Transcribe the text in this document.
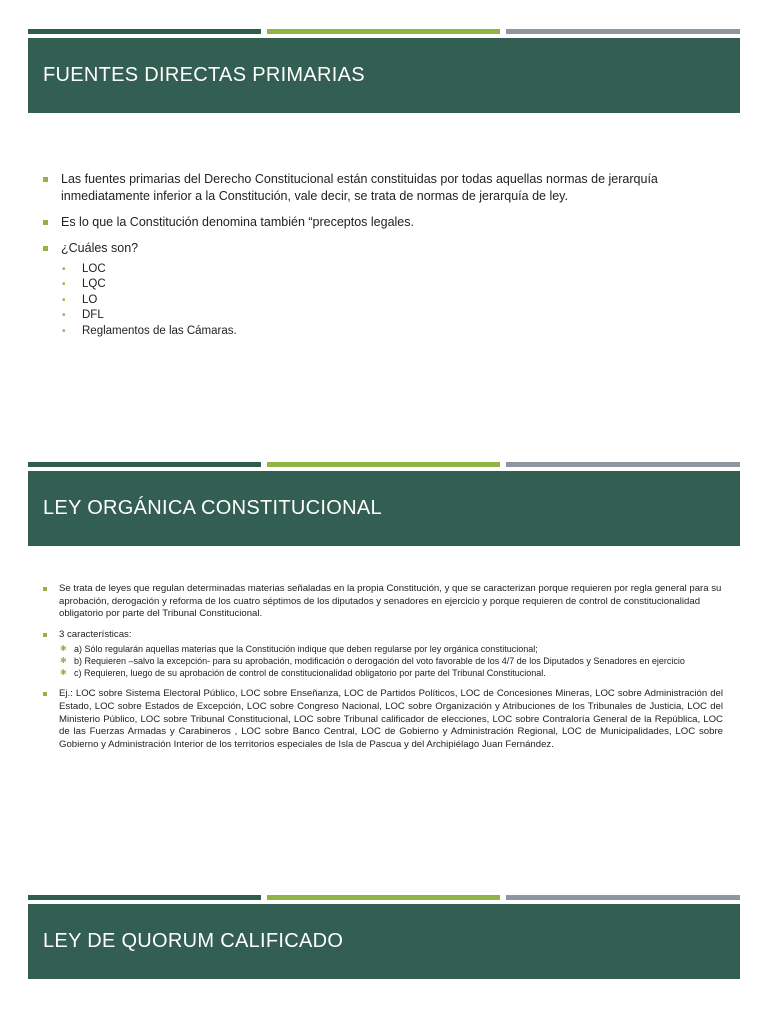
FUENTES DIRECTAS PRIMARIAS
Las fuentes primarias del Derecho Constitucional están constituidas por todas aquellas normas de jerarquía inmediatamente inferior a la Constitución, vale decir, se trata de normas de jerarquía de ley.
Es lo que la Constitución denomina también “preceptos legales.
¿Cuáles son?
•	LOC
•	LQC
•	LO
•	DFL
•	Reglamentos de las Cámaras.
LEY ORGÁNICA CONSTITUCIONAL
Se trata de leyes que regulan determinadas materias señaladas en la propia Constitución, y que se caracterizan porque requieren por regla general para su aprobación, derogación y reforma de los cuatro séptimos de los diputados y senadores en ejercicio y porque requieren de control de constitucionalidad obligatorio por parte del Tribunal Constitucional.
3 características:
✱ a) Sólo regularán aquellas materias que la Constitución indique que deben regularse por ley orgánica constitucional;
✱ b) Requieren –salvo la excepción- para su aprobación, modificación o derogación del voto favorable de los 4/7 de los Diputados y Senadores en ejercicio
✱ c) Requieren, luego de su aprobación de control de constitucionalidad obligatorio por parte del Tribunal Constitucional.
Ej.: LOC sobre Sistema Electoral Público, LOC sobre Enseñanza, LOC de Partidos Políticos, LOC de Concesiones Mineras, LOC sobre Administración del Estado, LOC sobre Estados de Excepción, LOC sobre Congreso Nacional, LOC sobre Organización y Atribuciones de los Tribunales de Justicia, LOC del Ministerio Público, LOC sobre Tribunal Constitucional, LOC sobre Tribunal calificador de elecciones, LOC sobre Contraloría General de la República, LOC de las Fuerzas Armadas y Carabineros , LOC sobre Banco Central, LOC de Gobierno y Administración Regional, LOC de Municipalidades, LOC sobre Gobierno y Administración Interior de los territorios especiales de Isla de Pascua y del Archipiélago Juan Fernández.
LEY DE QUORUM CALIFICADO
